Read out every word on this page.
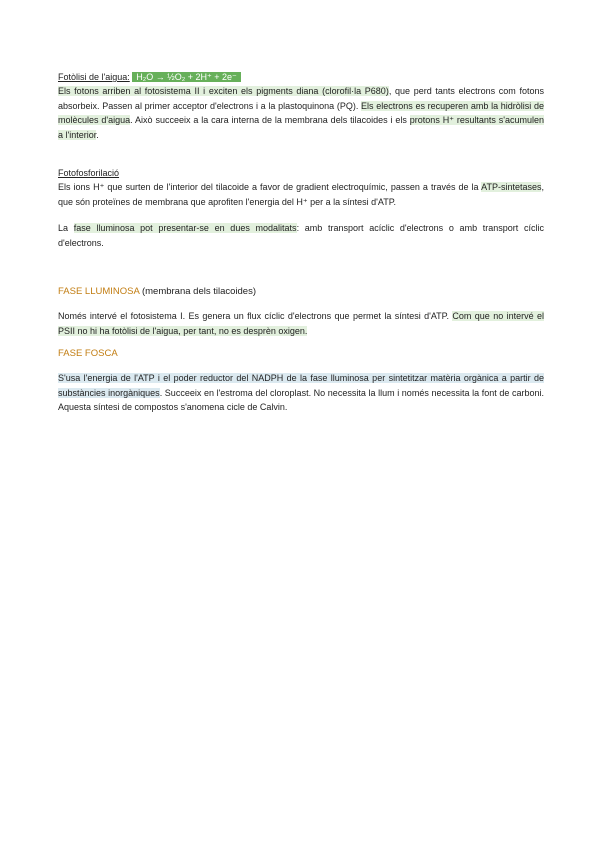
Fotòlisi de l'aigua: H₂O → ½O₂ + 2H⁺ + 2e⁻
Els fotons arriben al fotosistema II i exciten els pigments diana (clorofil·la P680), que perd tants electrons com fotons absorbeix. Passen al primer acceptor d'electrons i a la plastoquinona (PQ). Els electrons es recuperen amb la hidròlisi de molècules d'aigua. Això succeeix a la cara interna de la membrana dels tilacoides i els protons H⁺ resultants s'acumulen a l'interior.
Fotofosforilació
Els ions H⁺ que surten de l'interior del tilacoide a favor de gradient electroquímic, passen a través de la ATP-sintetases, que són proteïnes de membrana que aprofiten l'energia del H⁺ per a la síntesi d'ATP.
La fase lluminosa pot presentar-se en dues modalitats: amb transport acíclic d'electrons o amb transport cíclic d'electrons.
FASE LLUMINOSA (membrana dels tilacoides)
Només intervé el fotosistema I. Es genera un flux cíclic d'electrons que permet la síntesi d'ATP. Com que no intervé el PSII no hi ha fotòlisi de l'aigua, per tant, no es desprèn oxigen.
FASE FOSCA
S'usa l'energia de l'ATP i el poder reductor del NADPH de la fase lluminosa per sintetitzar matèria orgànica a partir de substàncies inorgàniques. Succeeix en l'estroma del cloroplast. No necessita la llum i només necessita la font de carboni. Aquesta síntesi de compostos s'anomena cicle de Calvin.
